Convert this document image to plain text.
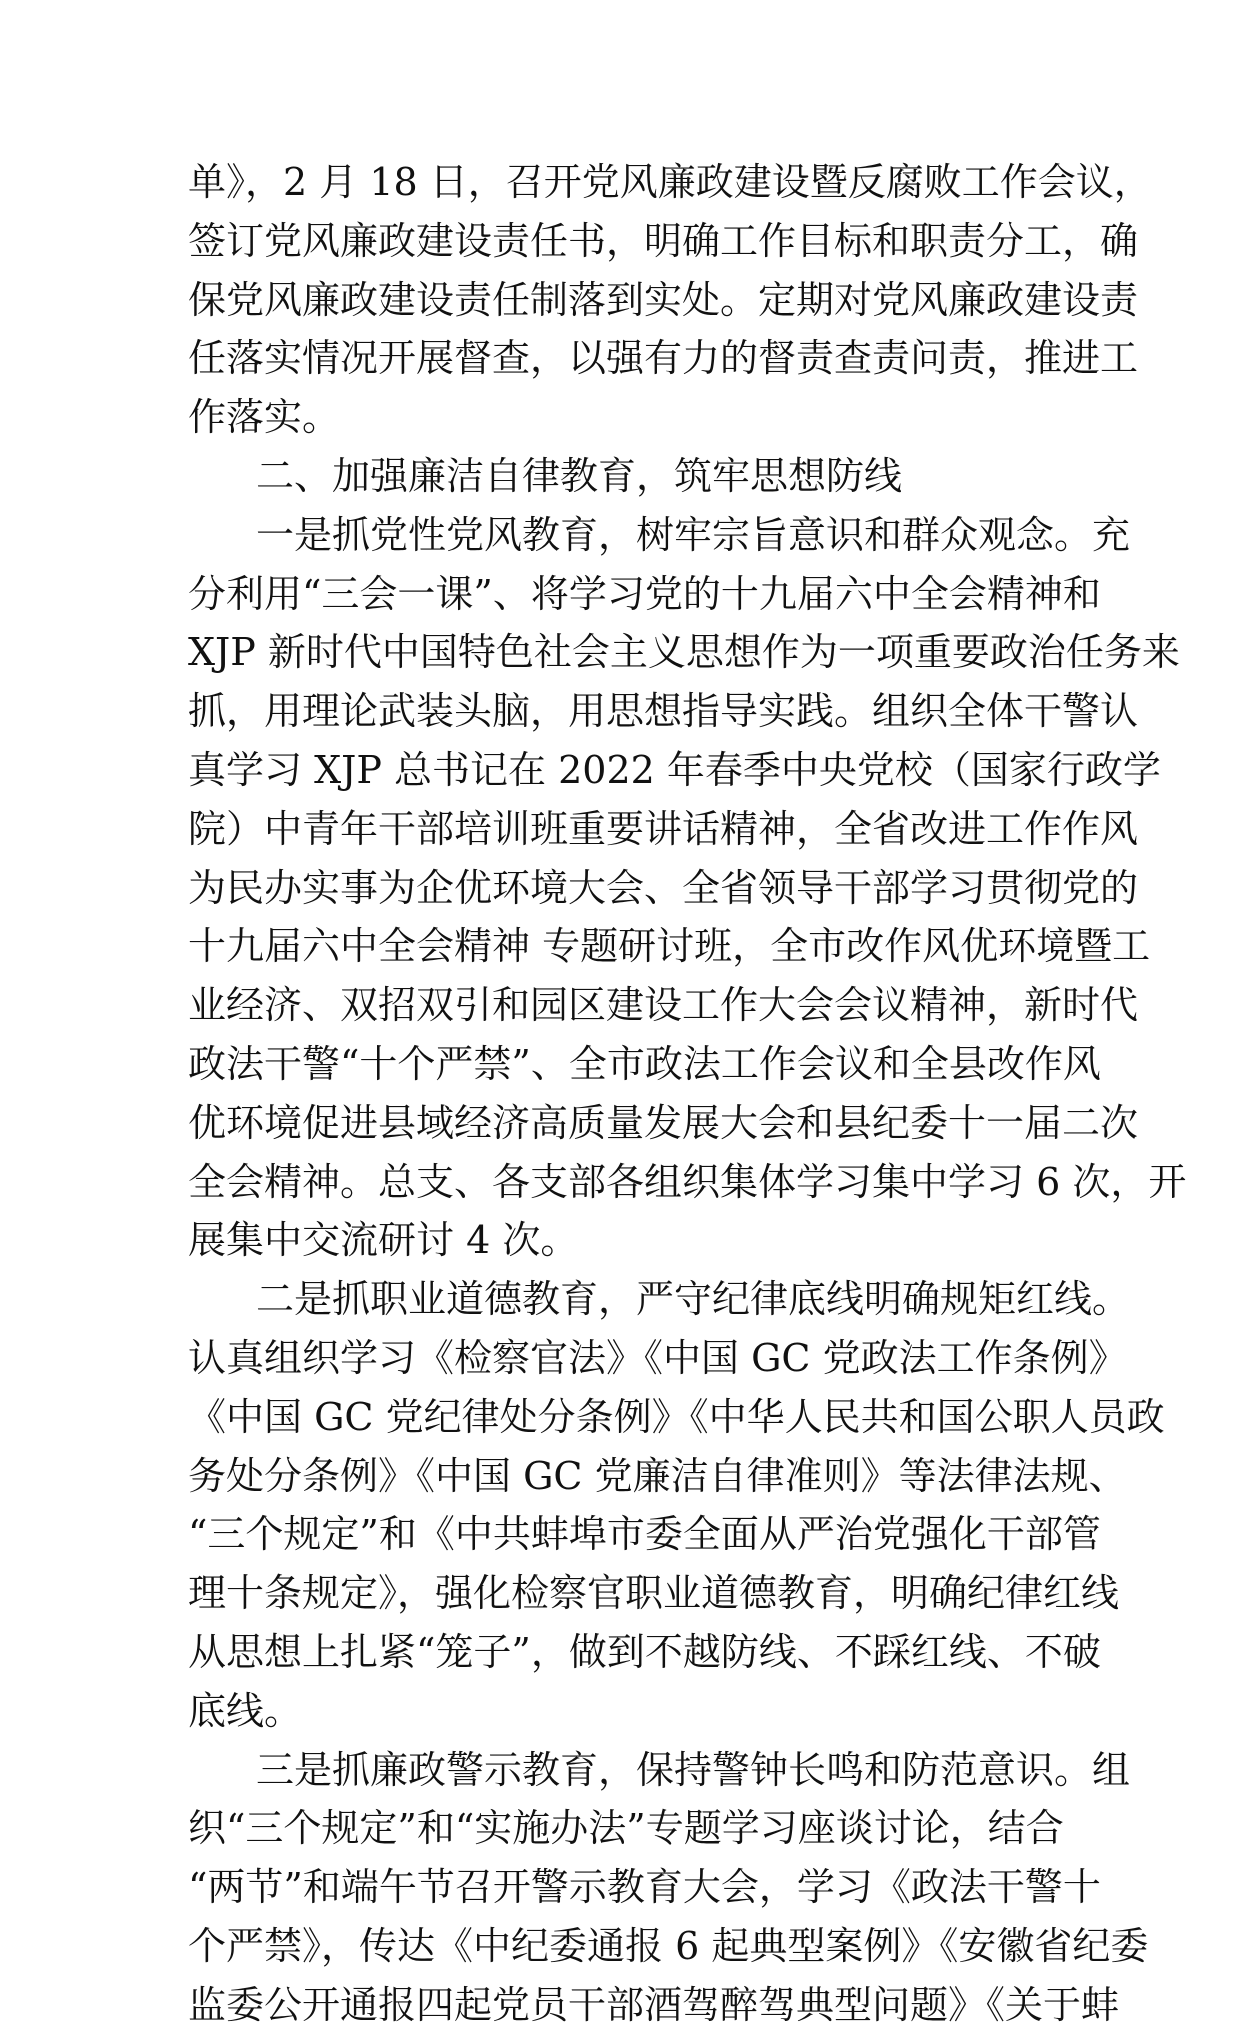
单》，2 月 18 日，召开党风廉政建设暨反腐败工作会议，
签订党风廉政建设责任书，明确工作目标和职责分工，确
保党风廉政建设责任制落到实处。定期对党风廉政建设责
任落实情况开展督查，以强有力的督责查责问责，推进工
作落实。
二、加强廉洁自律教育，筑牢思想防线
一是抓党性党风教育，树牢宗旨意识和群众观念。充
分利用“三会一课”、将学习党的十九届六中全会精神和
XJP 新时代中国特色社会主义思想作为一项重要政治任务来
抓，用理论武装头脑，用思想指导实践。组织全体干警认
真学习 XJP 总书记在 2022 年春季中央党校（国家行政学
院）中青年干部培训班重要讲话精神，全省改进工作作风
为民办实事为企优环境大会、全省领导干部学习贯彻党的
十九届六中全会精神 专题研讨班，全市改作风优环境暨工
业经济、双招双引和园区建设工作大会会议精神，新时代
政法干警“十个严禁”、全市政法工作会议和全县改作风
优环境促进县域经济高质量发展大会和县纪委十一届二次
全会精神。总支、各支部各组织集体学习集中学习 6 次，开
展集中交流研讨 4 次。
二是抓职业道德教育，严守纪律底线明确规矩红线。
认真组织学习《检察官法》《中国 GC 党政法工作条例》
《中国 GC 党纪律处分条例》《中华人民共和国公职人员政
务处分条例》《中国 GC 党廉洁自律准则》等法律法规、
“三个规定”和《中共蚌埠市委全面从严治党强化干部管
理十条规定》，强化检察官职业道德教育，明确纪律红线
从思想上扎紧“笼子”，做到不越防线、不踩红线、不破
底线。
三是抓廉政警示教育，保持警钟长鸣和防范意识。组
织“三个规定”和“实施办法”专题学习座谈讨论，结合
“两节”和端午节召开警示教育大会，学习《政法干警十
个严禁》，传达《中纪委通报 6 起典型案例》《安徽省纪委
监委公开通报四起党员干部酒驾醉驾典型问题》《关于蚌
